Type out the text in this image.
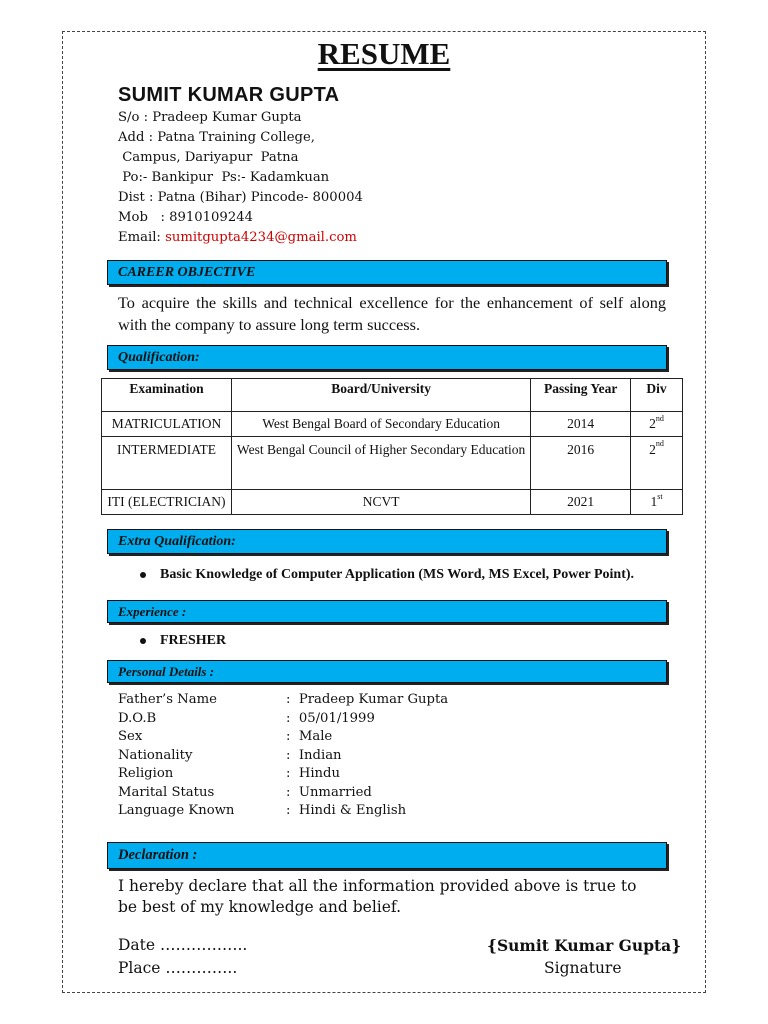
RESUME
SUMIT KUMAR GUPTA
S/o : Pradeep Kumar Gupta
Add : Patna Training College,
Campus, Dariyapur  Patna
Po:- Bankipur  Ps:- Kadamkuan
Dist : Patna (Bihar) Pincode- 800004
Mob   : 8910109244
Email: sumitgupta4234@gmail.com
CAREER OBJECTIVE
To acquire the skills and technical excellence for the enhancement of self along with the company to assure long term success.
Qualification:
Examination	Board/University	Passing Year	Div
MATRICULATION	West Bengal Board of Secondary Education	2014	2nd
INTERMEDIATE	West Bengal Council of Higher Secondary Education	2016	2nd
ITI (ELECTRICIAN)	NCVT	2021	1st
Extra Qualification:
Basic Knowledge of Computer Application (MS Word, MS Excel, Power Point).
Experience :
FRESHER
Personal Details :
Father’s Name	:  Pradeep Kumar Gupta
D.O.B	:  05/01/1999
Sex	:  Male
Nationality	:  Indian
Religion	:  Hindu
Marital Status	:  Unmarried
Language Known	:  Hindi & English
Declaration :
I hereby declare that all the information provided above is true to be best of my knowledge and belief.
Date ……………..
Place …………..
{Sumit Kumar Gupta}
Signature
